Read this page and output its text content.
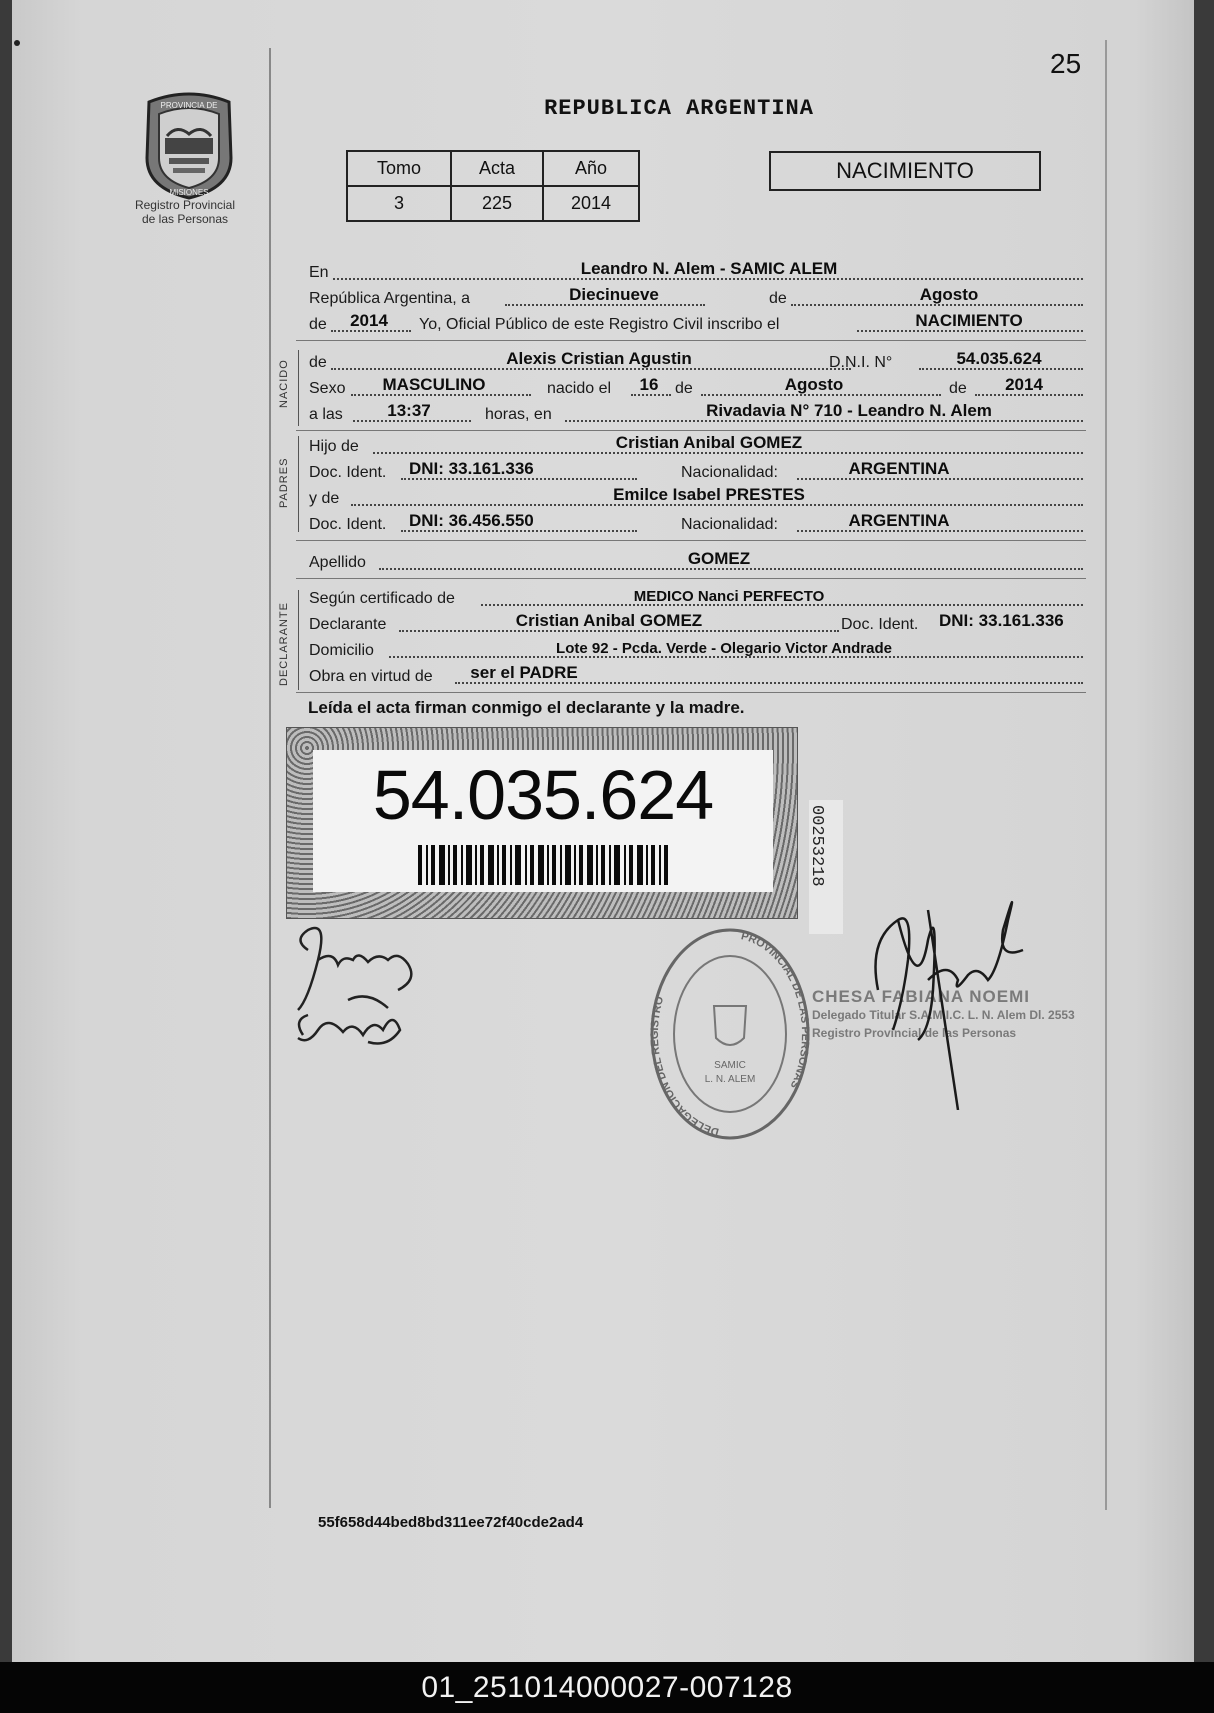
25
PROVINCIA DE
MISIONES
Registro Provincial
de las Personas
REPUBLICA ARGENTINA
Tomo	Acta	Año
3	225	2014
NACIMIENTO
En	Leandro N. Alem - SAMIC ALEM
República Argentina, a	Diecinueve	de	Agosto
de	2014	Yo, Oficial Público de este Registro Civil inscribo el	NACIMIENTO
NACIDO de	Alexis Cristian Agustin	D.N.I. N°	54.035.624
Sexo	MASCULINO	nacido el	16	de	Agosto	de	2014
a las	13:37	horas, en	Rivadavia N° 710 - Leandro N. Alem
PADRES
Hijo de	Cristian Anibal GOMEZ
Doc. Ident. DNI: 33.161.336	Nacionalidad:	ARGENTINA
y de	Emilce Isabel PRESTES
Doc. Ident. DNI: 36.456.550	Nacionalidad:	ARGENTINA
Apellido	GOMEZ
DECLARANTE
Según certificado de	MEDICO Nanci PERFECTO
Declarante	Cristian Anibal GOMEZ	Doc. Ident. DNI: 33.161.336
Domicilio	Lote 92 - Pcda. Verde - Olegario Victor Andrade
Obra en virtud de	ser el PADRE
Leída el acta firman conmigo el declarante y la madre.
54.035.624
00253218
DELEGACION DEL REGISTRO
PROVINCIAL DE LAS PERSONAS
SAMIC
L. N. ALEM
CHESA FABIANA NOEMI
Delegado Titular S.A.M.I.C. L. N. Alem Dl. 2553
Registro Provincial de las Personas
55f658d44bed8bd311ee72f40cde2ad4
01_251014000027-007128
